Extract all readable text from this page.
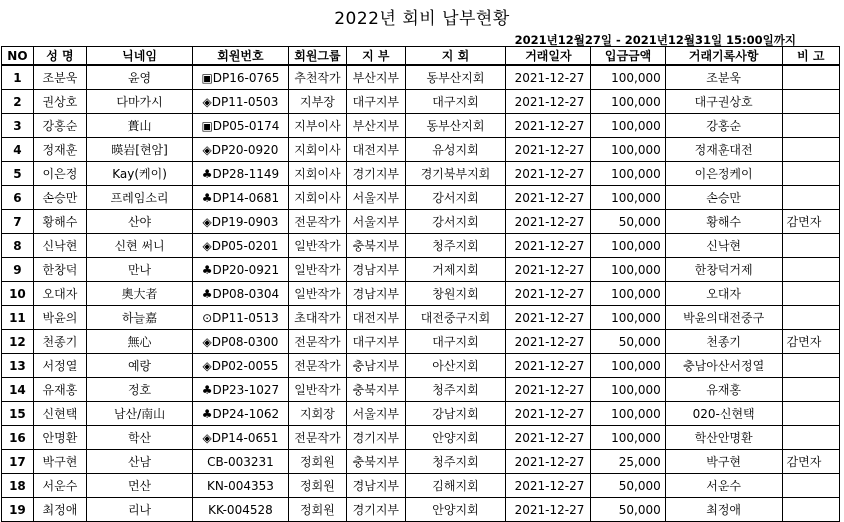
2022년 회비 납부현황
2021년12월27일 - 2021년12월31일 15:00일까지
NO	성 명	닉네임	회원번호	회원그룹	지 부	지 회	거래일자	입금금액	거래기록사항	비 고
1	조분욱	윤영	▣DP16-0765	추천작가	부산지부	동부산지회	2021-12-27	100,000	조분욱	
2	권상호	다마가시	◈DP11-0503	지부장	대구지부	대구지회	2021-12-27	100,000	대구권상호	
3	강홍순	蕢山	▣DP05-0174	지부이사	부산지부	동부산지회	2021-12-27	100,000	강홍순	
4	정재훈	暎岩[현암]	◈DP20-0920	지회이사	대전지부	유성지회	2021-12-27	100,000	정재훈대전	
5	이은정	Kay(케이)	♣DP28-1149	지회이사	경기지부	경기북부지회	2021-12-27	100,000	이은정케이	
6	손승만	프레임소리	♣DP14-0681	지회이사	서울지부	강서지회	2021-12-27	100,000	손승만	
7	황해수	산야	◈DP19-0903	전문작가	서울지부	강서지회	2021-12-27	50,000	황해수	감면자
8	신낙현	신현 써니	◈DP05-0201	일반작가	충북지부	청주지회	2021-12-27	100,000	신낙현	
9	한창덕	만나	♣DP20-0921	일반작가	경남지부	거제지회	2021-12-27	100,000	한창덕거제	
10	오대자	奧大者	♣DP08-0304	일반작가	경남지부	창원지회	2021-12-27	100,000	오대자	
11	박윤의	하늘嘉	⊙DP11-0513	초대작가	대전지부	대전중구지회	2021-12-27	100,000	박윤의대전중구	
12	천종기	無心	◈DP08-0300	전문작가	대구지부	대구지회	2021-12-27	50,000	천종기	감면자
13	서정열	예랑	◈DP02-0055	전문작가	충남지부	아산지회	2021-12-27	100,000	충남아산서정열	
14	유재홍	정호	♣DP23-1027	일반작가	충북지부	청주지회	2021-12-27	100,000	유재홍	
15	신현택	남산/南山	♣DP24-1062	지회장	서울지부	강남지회	2021-12-27	100,000	020-신현택	
16	안명환	학산	◈DP14-0651	전문작가	경기지부	안양지회	2021-12-27	100,000	학산안명환	
17	박구현	산남	CB-003231	정회원	충북지부	청주지회	2021-12-27	25,000	박구현	감면자
18	서운수	먼산	KN-004353	정회원	경남지부	김해지회	2021-12-27	50,000	서운수	
19	최정애	리나	KK-004528	정회원	경기지부	안양지회	2021-12-27	50,000	최정애	
